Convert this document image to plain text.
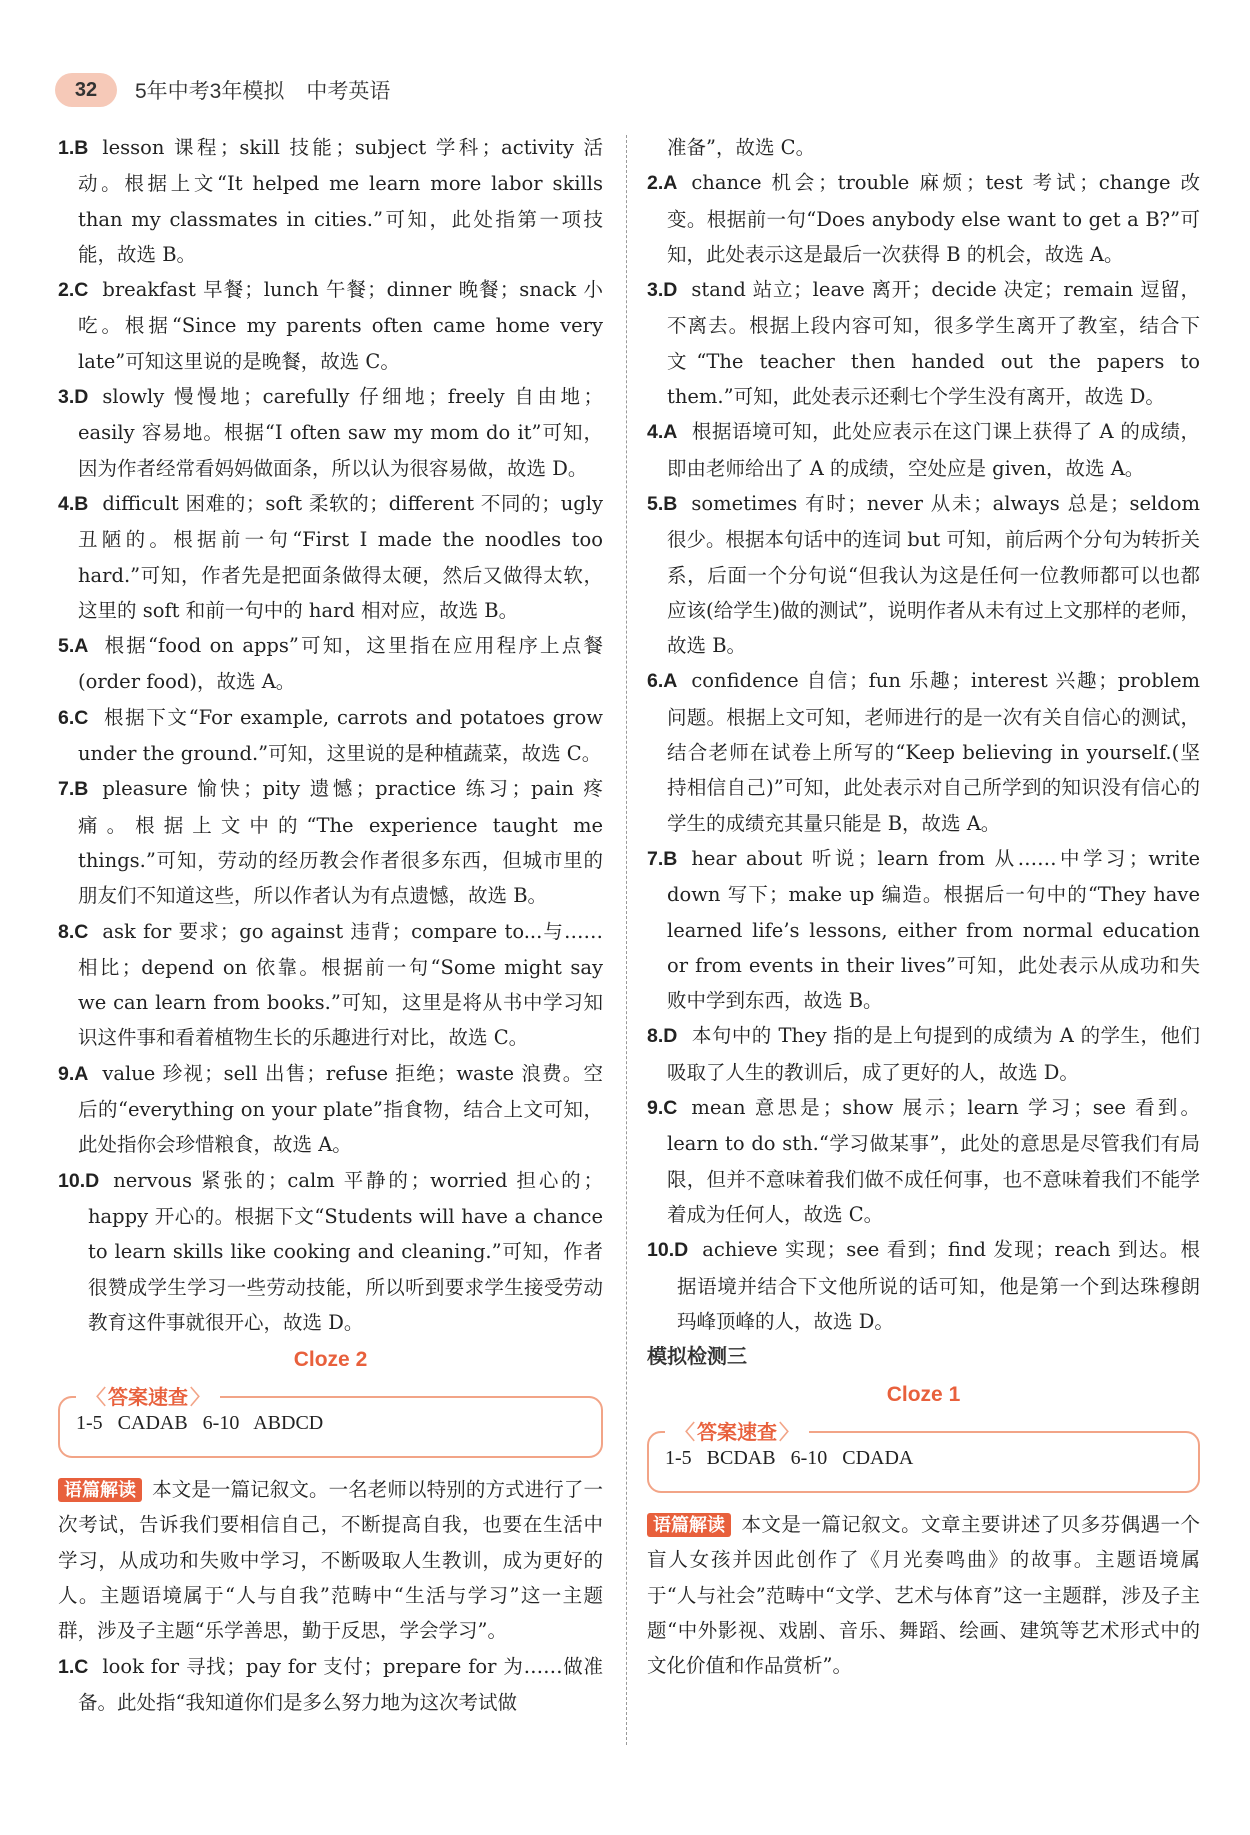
32	5年中考3年模拟 中考英语
1.B lesson 课程；skill 技能；subject 学科；activity 活动。根据上文“It helped me learn more labor skills than my classmates in cities.”可知，此处指第一项技能，故选 B。
2.C breakfast 早餐；lunch 午餐；dinner 晚餐；snack 小吃。根据“Since my parents often came home very late”可知这里说的是晚餐，故选 C。
3.D slowly 慢慢地；carefully 仔细地；freely 自由地；easily 容易地。根据“I often saw my mom do it”可知，因为作者经常看妈妈做面条，所以认为很容易做，故选 D。
4.B difficult 困难的；soft 柔软的；different 不同的；ugly 丑陋的。根据前一句“First I made the noodles too hard.”可知，作者先是把面条做得太硬，然后又做得太软，这里的 soft 和前一句中的 hard 相对应，故选 B。
5.A 根据“food on apps”可知，这里指在应用程序上点餐(order food)，故选 A。
6.C 根据下文“For example, carrots and potatoes grow under the ground.”可知，这里说的是种植蔬菜，故选 C。
7.B pleasure 愉快；pity 遗憾；practice 练习；pain 疼痛。根据上文中的“The experience taught me things.”可知，劳动的经历教会作者很多东西，但城市里的朋友们不知道这些，所以作者认为有点遗憾，故选 B。
8.C ask for 要求；go against 违背；compare to...与……相比；depend on 依靠。根据前一句“Some might say we can learn from books.”可知，这里是将从书中学习知识这件事和看着植物生长的乐趣进行对比，故选 C。
9.A value 珍视；sell 出售；refuse 拒绝；waste 浪费。空后的“everything on your plate”指食物，结合上文可知，此处指你会珍惜粮食，故选 A。
10.D nervous 紧张的；calm 平静的；worried 担心的；happy 开心的。根据下文“Students will have a chance to learn skills like cooking and cleaning.”可知，作者很赞成学生学习一些劳动技能，所以听到要求学生接受劳动教育这件事就很开心，故选 D。
Cloze 2
〈 答案速查 〉
1-5 CADAB 6-10 ABDCD
语篇解读 本文是一篇记叙文。一名老师以特别的方式进行了一次考试，告诉我们要相信自己，不断提高自我，也要在生活中学习，从成功和失败中学习，不断吸取人生教训，成为更好的人。主题语境属于“人与自我”范畴中“生活与学习”这一主题群，涉及子主题“乐学善思，勤于反思，学会学习”。
1.C look for 寻找；pay for 支付；prepare for 为……做准备。此处指“我知道你们是多么努力地为这次考试做
准备”，故选 C。
2.A chance 机会；trouble 麻烦；test 考试；change 改变。根据前一句“Does anybody else want to get a B?”可知，此处表示这是最后一次获得 B 的机会，故选 A。
3.D stand 站立；leave 离开；decide 决定；remain 逗留，不离去。根据上段内容可知，很多学生离开了教室，结合下文“The teacher then handed out the papers to them.”可知，此处表示还剩七个学生没有离开，故选 D。
4.A 根据语境可知，此处应表示在这门课上获得了 A 的成绩，即由老师给出了 A 的成绩，空处应是 given，故选 A。
5.B sometimes 有时；never 从未；always 总是；seldom 很少。根据本句话中的连词 but 可知，前后两个分句为转折关系，后面一个分句说“但我认为这是任何一位教师都可以也都应该(给学生)做的测试”，说明作者从未有过上文那样的老师，故选 B。
6.A confidence 自信；fun 乐趣；interest 兴趣；problem 问题。根据上文可知，老师进行的是一次有关自信心的测试，结合老师在试卷上所写的“Keep believing in yourself.(坚持相信自己)”可知，此处表示对自己所学到的知识没有信心的学生的成绩充其量只能是 B，故选 A。
7.B hear about 听说；learn from 从……中学习；write down 写下；make up 编造。根据后一句中的“They have learned life’s lessons, either from normal education or from events in their lives”可知，此处表示从成功和失败中学到东西，故选 B。
8.D 本句中的 They 指的是上句提到的成绩为 A 的学生，他们吸取了人生的教训后，成了更好的人，故选 D。
9.C mean 意思是；show 展示；learn 学习；see 看到。learn to do sth.“学习做某事”，此处的意思是尽管我们有局限，但并不意味着我们做不成任何事，也不意味着我们不能学着成为任何人，故选 C。
10.D achieve 实现；see 看到；find 发现；reach 到达。根据语境并结合下文他所说的话可知，他是第一个到达珠穆朗玛峰顶峰的人，故选 D。
模拟检测三
Cloze 1
〈 答案速查 〉
1-5 BCDAB 6-10 CDADA
语篇解读 本文是一篇记叙文。文章主要讲述了贝多芬偶遇一个盲人女孩并因此创作了《月光奏鸣曲》的故事。主题语境属于“人与社会”范畴中“文学、艺术与体育”这一主题群，涉及子主题“中外影视、戏剧、音乐、舞蹈、绘画、建筑等艺术形式中的文化价值和作品赏析”。
